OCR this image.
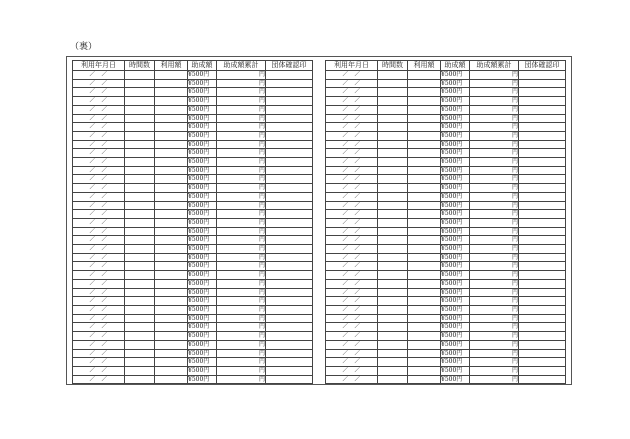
（裏）
利用年月日	時間数	利用額	助成額	助成額累計	団体確認印
／　／			¥500円	円	
／　／			¥500円	円	
／　／			¥500円	円	
／　／			¥500円	円	
／　／			¥500円	円	
／　／			¥500円	円	
／　／			¥500円	円	
／　／			¥500円	円	
／　／			¥500円	円	
／　／			¥500円	円	
／　／			¥500円	円	
／　／			¥500円	円	
／　／			¥500円	円	
／　／			¥500円	円	
／　／			¥500円	円	
／　／			¥500円	円	
／　／			¥500円	円	
／　／			¥500円	円	
／　／			¥500円	円	
／　／			¥500円	円	
／　／			¥500円	円	
／　／			¥500円	円	
／　／			¥500円	円	
／　／			¥500円	円	
／　／			¥500円	円	
／　／			¥500円	円	
／　／			¥500円	円	
／　／			¥500円	円	
／　／			¥500円	円	
／　／			¥500円	円	
／　／			¥500円	円	
／　／			¥500円	円	
／　／			¥500円	円	
／　／			¥500円	円	
／　／			¥500円	円	
／　／			¥500円	円	
利用年月日	時間数	利用額	助成額	助成額累計	団体確認印
／　／			¥500円	円	
／　／			¥500円	円	
／　／			¥500円	円	
／　／			¥500円	円	
／　／			¥500円	円	
／　／			¥500円	円	
／　／			¥500円	円	
／　／			¥500円	円	
／　／			¥500円	円	
／　／			¥500円	円	
／　／			¥500円	円	
／　／			¥500円	円	
／　／			¥500円	円	
／　／			¥500円	円	
／　／			¥500円	円	
／　／			¥500円	円	
／　／			¥500円	円	
／　／			¥500円	円	
／　／			¥500円	円	
／　／			¥500円	円	
／　／			¥500円	円	
／　／			¥500円	円	
／　／			¥500円	円	
／　／			¥500円	円	
／　／			¥500円	円	
／　／			¥500円	円	
／　／			¥500円	円	
／　／			¥500円	円	
／　／			¥500円	円	
／　／			¥500円	円	
／　／			¥500円	円	
／　／			¥500円	円	
／　／			¥500円	円	
／　／			¥500円	円	
／　／			¥500円	円	
／　／			¥500円	円	
